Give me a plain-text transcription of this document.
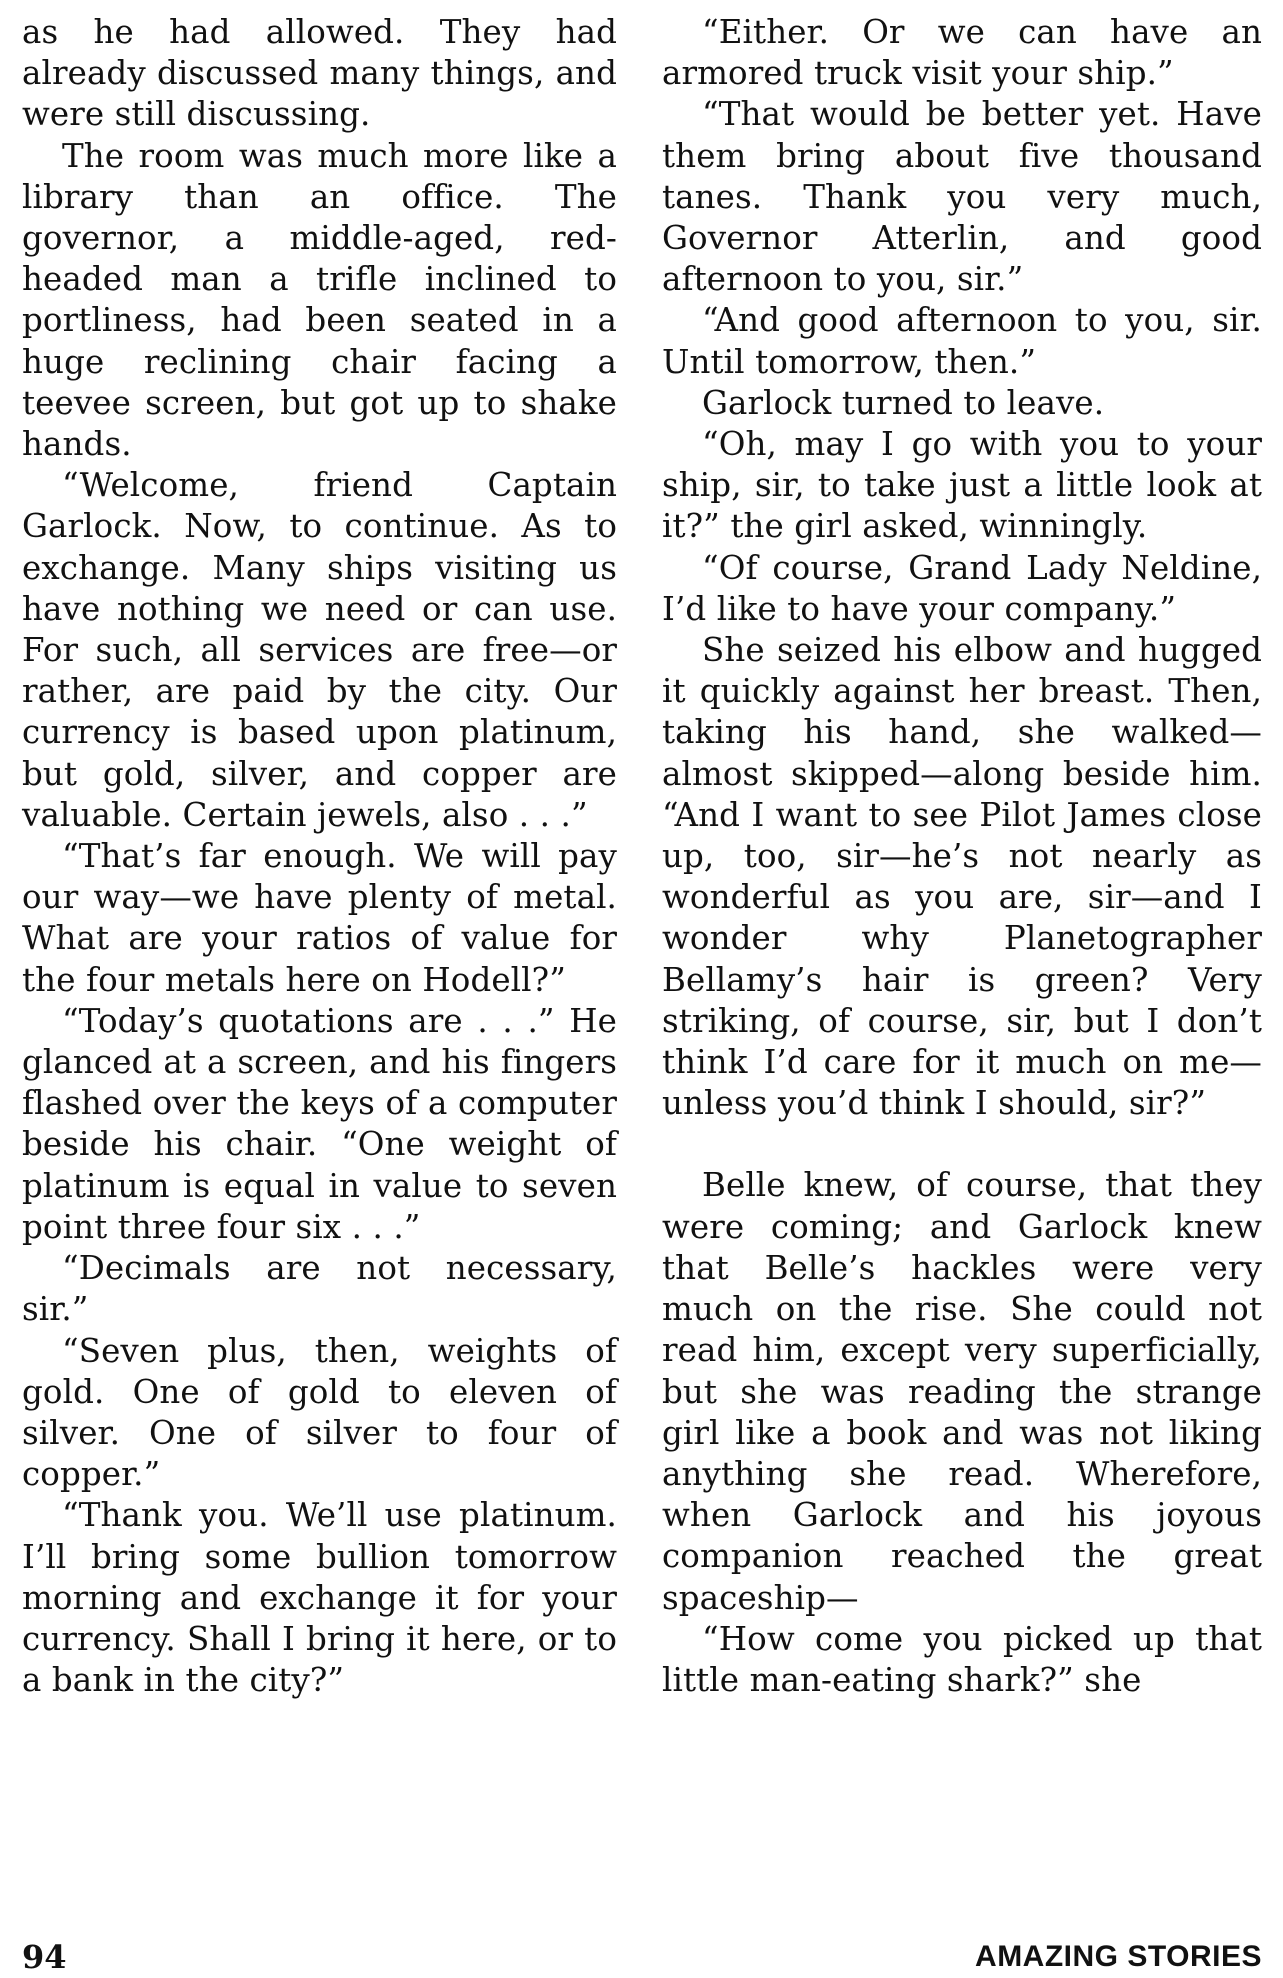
as he had allowed. They had already discussed many things, and were still discussing.

The room was much more like a library than an office. The governor, a middle-aged, red-headed man a trifle inclined to portliness, had been seated in a huge reclining chair facing a teevee screen, but got up to shake hands.

“Welcome, friend Captain Garlock. Now, to continue. As to exchange. Many ships visiting us have nothing we need or can use. For such, all services are free—or rather, are paid by the city. Our currency is based upon platinum, but gold, silver, and copper are valuable. Certain jewels, also . . .”

“That’s far enough. We will pay our way—we have plenty of metal. What are your ratios of value for the four metals here on Hodell?”

“Today’s quotations are . . .” He glanced at a screen, and his fingers flashed over the keys of a computer beside his chair. “One weight of platinum is equal in value to seven point three four six . . .”

“Decimals are not necessary, sir.”

“Seven plus, then, weights of gold. One of gold to eleven of silver. One of silver to four of copper.”

“Thank you. We’ll use platinum. I’ll bring some bullion tomorrow morning and exchange it for your currency. Shall I bring it here, or to a bank in the city?”

“Either. Or we can have an armored truck visit your ship.”

“That would be better yet. Have them bring about five thousand tanes. Thank you very much, Governor Atterlin, and good afternoon to you, sir.”

“And good afternoon to you, sir. Until tomorrow, then.”

Garlock turned to leave.

“Oh, may I go with you to your ship, sir, to take just a little look at it?” the girl asked, winningly.

“Of course, Grand Lady Neldine, I’d like to have your company.”

She seized his elbow and hugged it quickly against her breast. Then, taking his hand, she walked—almost skipped—along beside him. “And I want to see Pilot James close up, too, sir—he’s not nearly as wonderful as you are, sir—and I wonder why Planetographer Bellamy’s hair is green? Very striking, of course, sir, but I don’t think I’d care for it much on me—unless you’d think I should, sir?”

Belle knew, of course, that they were coming; and Garlock knew that Belle’s hackles were very much on the rise. She could not read him, except very superficially, but she was reading the strange girl like a book and was not liking anything she read. Wherefore, when Garlock and his joyous companion reached the great spaceship—

“How come you picked up that little man-eating shark?” she

94	AMAZING STORIES
